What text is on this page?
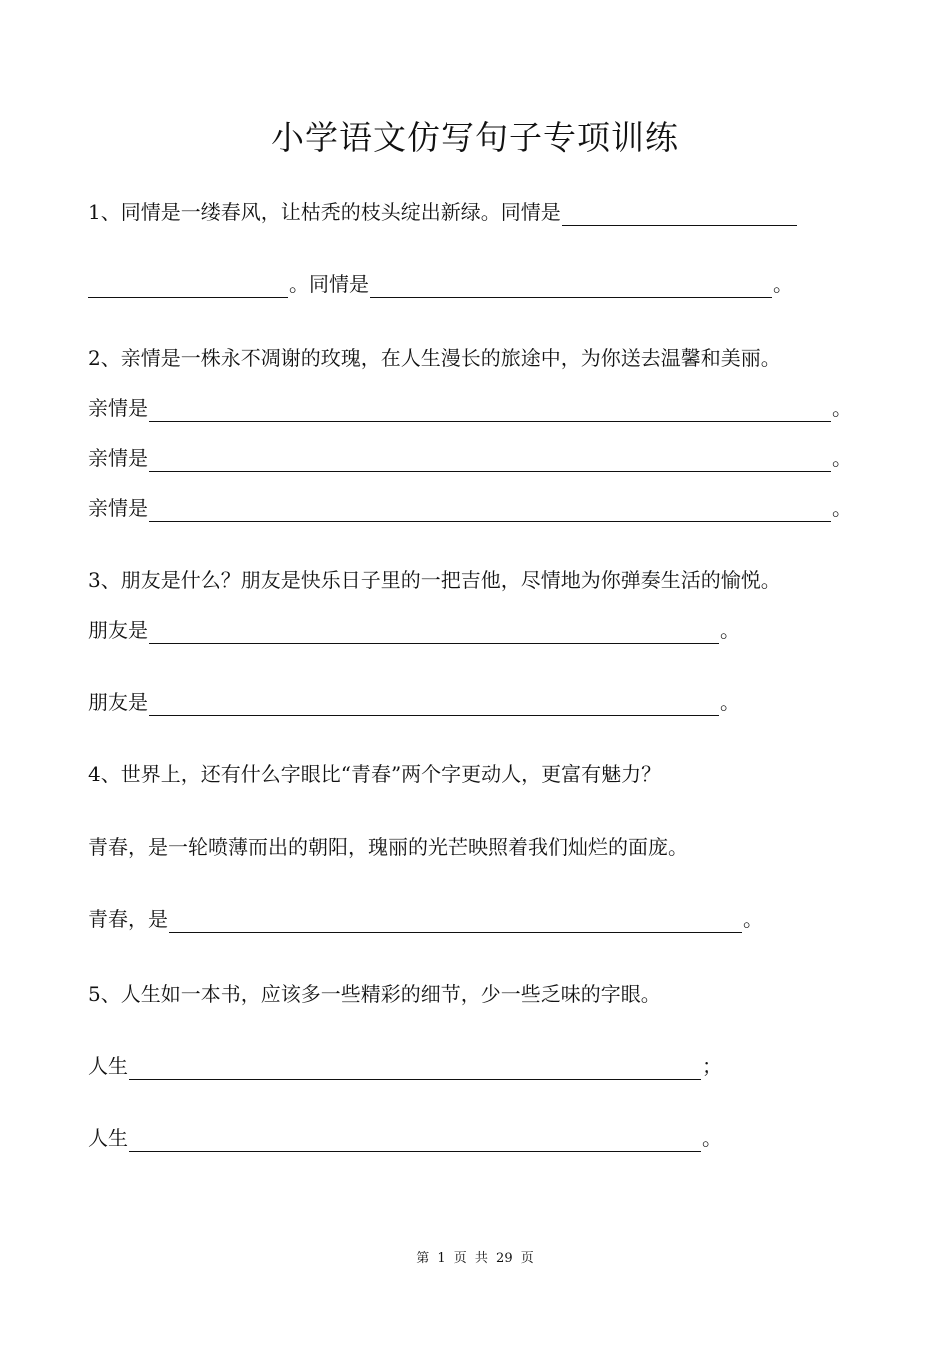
小学语文仿写句子专项训练
1、同情是一缕春风，让枯秃的枝头绽出新绿。同情是
。同情是	。
2、亲情是一株永不凋谢的玫瑰，在人生漫长的旅途中，为你送去温馨和美丽。
亲情是	。
亲情是	。
亲情是	。
3、朋友是什么？朋友是快乐日子里的一把吉他，尽情地为你弹奏生活的愉悦。
朋友是	。
朋友是	。
4、世界上，还有什么字眼比“青春”两个字更动人，更富有魅力？
青春，是一轮喷薄而出的朝阳，瑰丽的光芒映照着我们灿烂的面庞。
青春，是	。
5、人生如一本书，应该多一些精彩的细节，少一些乏味的字眼。
人生	；
人生	。
第 1 页 共 29 页
